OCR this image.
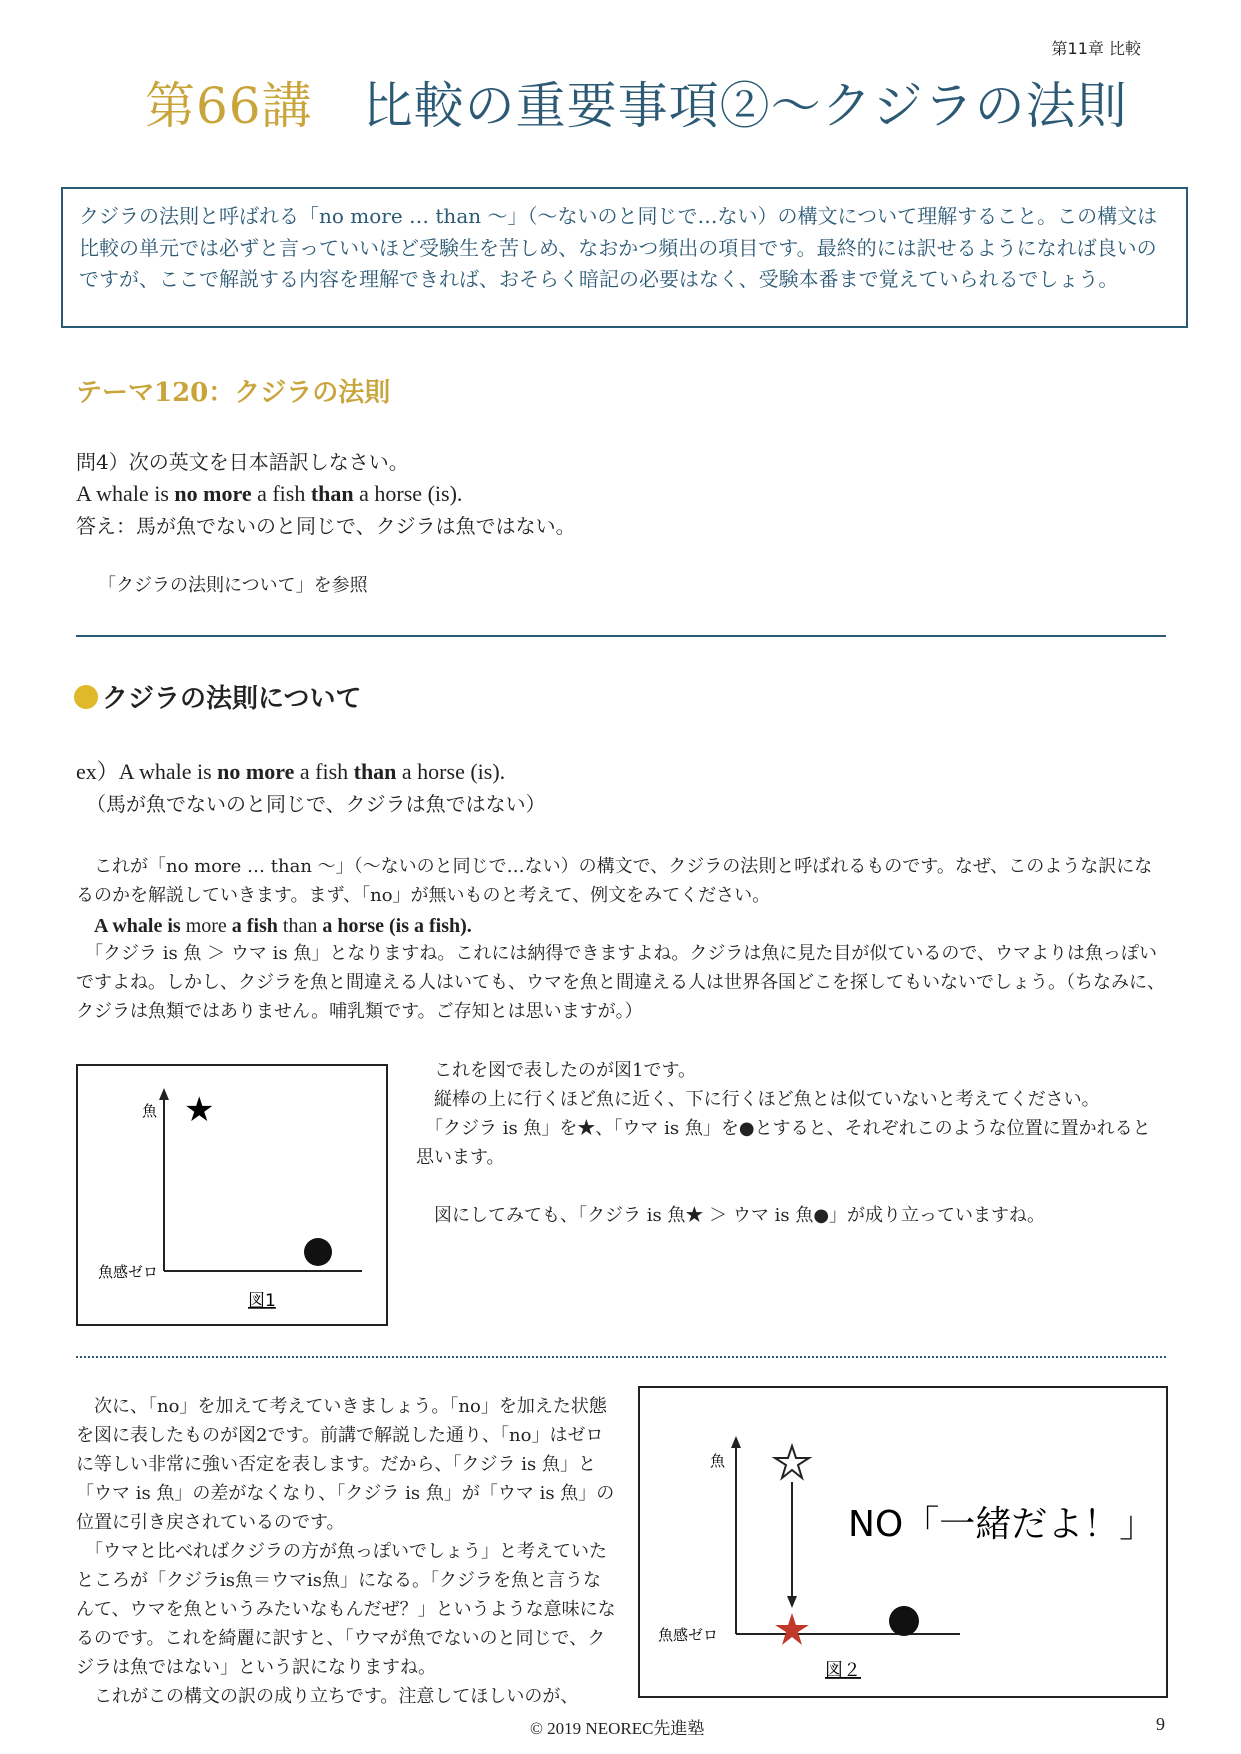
第11章 比較
第66講 比較の重要事項②〜クジラの法則
クジラの法則と呼ばれる「no more … than 〜」（〜ないのと同じで…ない）の構文について理解すること。この構文は比較の単元では必ずと言っていいほど受験生を苦しめ、なおかつ頻出の項目です。最終的には訳せるようになれば良いのですが、ここで解説する内容を理解できれば、おそらく暗記の必要はなく、受験本番まで覚えていられるでしょう。
テーマ120：クジラの法則
問4）次の英文を日本語訳しなさい。
A whale is no more a fish than a horse (is).
答え：馬が魚でないのと同じで、クジラは魚ではない。
「クジラの法則について」を参照
クジラの法則について
ex）A whale is no more a fish than a horse (is).
（馬が魚でないのと同じで、クジラは魚ではない）
　これが「no more … than 〜」（〜ないのと同じで…ない）の構文で、クジラの法則と呼ばれるものです。なぜ、このような訳になるのかを解説していきます。まず、「no」が無いものと考えて、例文をみてください。
A whale is more a fish than a horse (is a fish).
　「クジラ is 魚 ＞ ウマ is 魚」となりますね。これには納得できますよね。クジラは魚に見た目が似ているので、ウマよりは魚っぽいですよね。しかし、クジラを魚と間違える人はいても、ウマを魚と間違える人は世界各国どこを探してもいないでしょう。（ちなみに、クジラは魚類ではありません。哺乳類です。ご存知とは思いますが。）
魚
魚感ゼロ
★
図1
　これを図で表したのが図1です。
　縦棒の上に行くほど魚に近く、下に行くほど魚とは似ていないと考えてください。
　「クジラ is 魚」を★、「ウマ is 魚」を●とすると、それぞれこのような位置に置かれると思います。
　図にしてみても、「クジラ is 魚★ ＞ ウマ is 魚●」が成り立っていますね。
　次に、「no」を加えて考えていきましょう。「no」を加えた状態を図に表したものが図2です。前講で解説した通り、「no」はゼロに等しい非常に強い否定を表します。だから、「クジラ is 魚」と「ウマ is 魚」の差がなくなり、「クジラ is 魚」が「ウマ is 魚」の位置に引き戻されているのです。
　「ウマと比べればクジラの方が魚っぽいでしょう」と考えていたところが「クジラis魚＝ウマis魚」になる。「クジラを魚と言うなんて、ウマを魚というみたいなもんだぜ？」というような意味になるのです。これを綺麗に訳すと、「ウマが魚でないのと同じで、クジラは魚ではない」という訳になりますね。
　これがこの構文の訳の成り立ちです。注意してほしいのが、
魚
魚感ゼロ
NO「一緒だよ！」
図２
© 2019 NEOREC先進塾	9
